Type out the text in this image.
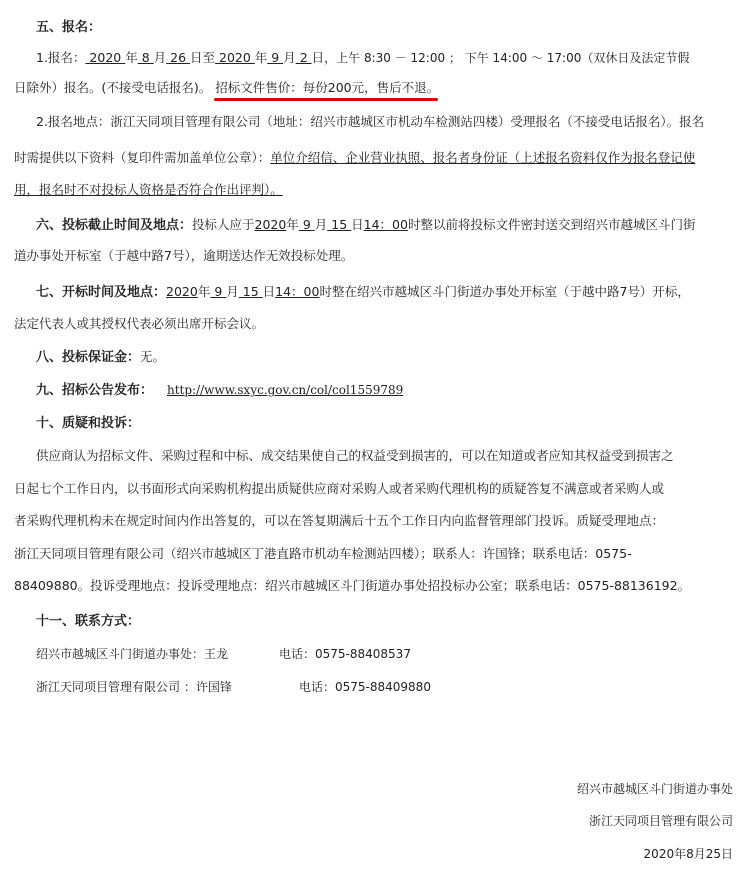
五、报名：
1.报名： 2020 年 8 月 26 日至 2020 年 9 月 2 日，上午 8:30 － 12:00 ； 下午 14:00 ～ 17:00（双休日及法定节假
日除外）报名。(不接受电话报名)。 招标文件售价：每份200元，售后不退。
2.报名地点：浙江天同项目管理有限公司（地址：绍兴市越城区市机动车检测站四楼）受理报名（不接受电话报名）。报名
时需提供以下资料（复印件需加盖单位公章）：单位介绍信、企业营业执照、报名者身份证（上述报名资料仅作为报名登记使
用，报名时不对投标人资格是否符合作出评判）。
六、投标截止时间及地点：投标人应于2020年 9 月 15 日14：00时整以前将投标文件密封送交到绍兴市越城区斗门街
道办事处开标室（于越中路7号），逾期送达作无效投标处理。
七、开标时间及地点：2020年 9 月 15 日14：00时整在绍兴市越城区斗门街道办事处开标室（于越中路7号）开标，
法定代表人或其授权代表必须出席开标会议。
八、投标保证金：无。
九、招标公告发布： http://www.sxyc.gov.cn/col/col1559789
十、质疑和投诉：
供应商认为招标文件、采购过程和中标、成交结果使自己的权益受到损害的，可以在知道或者应知其权益受到损害之
日起七个工作日内，以书面形式向采购机构提出质疑供应商对采购人或者采购代理机构的质疑答复不满意或者采购人或
者采购代理机构未在规定时间内作出答复的，可以在答复期满后十五个工作日内向监督管理部门投诉。质疑受理地点：
浙江天同项目管理有限公司（绍兴市越城区丁港直路市机动车检测站四楼）；联系人：许国锋；联系电话：0575-
88409880。投诉受理地点：投诉受理地点：绍兴市越城区斗门街道办事处招投标办公室；联系电话：0575-88136192。
十一、联系方式：
绍兴市越城区斗门街道办事处：王龙	电话：0575-88408537
浙江天同项目管理有限公司 ：许国锋	电话：0575-88409880
绍兴市越城区斗门街道办事处
浙江天同项目管理有限公司
2020年8月25日
